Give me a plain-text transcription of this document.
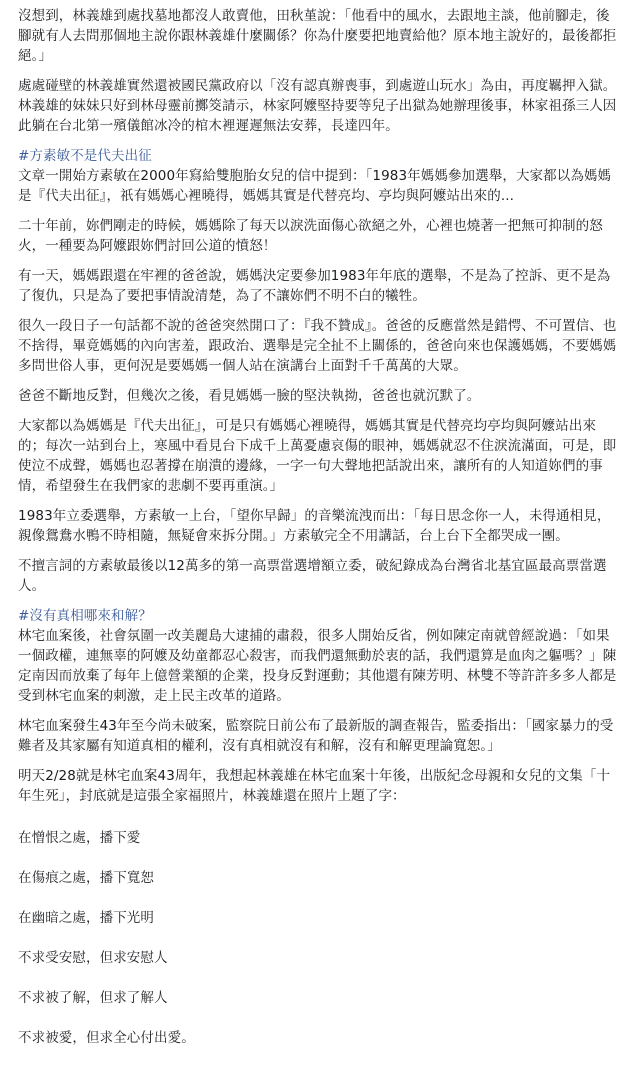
沒想到，林義雄到處找墓地都沒人敢賣他，田秋堇說：「他看中的風水，去跟地主談，他前腳走，後腳就有人去問那個地主說你跟林義雄什麼關係？你為什麼要把地賣給他？原本地主說好的，最後都拒絕。」
處處碰壁的林義雄實然還被國民黨政府以「沒有認真辦喪事，到處遊山玩水」為由，再度羈押入獄。林義雄的妹妹只好到林母靈前擲筊請示，林家阿嬤堅持要等兒子出獄為她辦理後事，林家祖孫三人因此躺在台北第一殯儀館冰冷的棺木裡遲遲無法安葬，長達四年。
#方素敏不是代夫出征
文章一開始方素敏在2000年寫給雙胞胎女兒的信中提到：「1983年媽媽參加選舉，大家都以為媽媽是『代夫出征』，祇有媽媽心裡曉得，媽媽其實是代替亮均、亭均與阿嬤站出來的...
二十年前，妳們剛走的時候，媽媽除了每天以淚洗面傷心欲絕之外，心裡也燒著一把無可抑制的怒火，一種要為阿嬤跟妳們討回公道的憤怒！
有一天，媽媽跟還在牢裡的爸爸說，媽媽決定要參加1983年年底的選舉，不是為了控訴、更不是為了復仇，只是為了要把事情說清楚，為了不讓妳們不明不白的犧牲。
很久一段日子一句話都不說的爸爸突然開口了：『我不贊成』。爸爸的反應當然是錯愕、不可置信、也不捨得，畢竟媽媽的內向害羞，跟政治、選舉是完全扯不上關係的，爸爸向來也保護媽媽，不要媽媽多問世俗人事，更何況是要媽媽一個人站在演講台上面對千千萬萬的大眾。
爸爸不斷地反對，但幾次之後，看見媽媽一臉的堅決執拗，爸爸也就沉默了。
大家都以為媽媽是『代夫出征』，可是只有媽媽心裡曉得，媽媽其實是代替亮均亭均與阿嬤站出來的；每次一站到台上，寒風中看見台下成千上萬憂慮哀傷的眼神，媽媽就忍不住淚流滿面，可是，即使泣不成聲，媽媽也忍著撐在崩潰的邊緣，一字一句大聲地把話說出來，讓所有的人知道妳們的事情，希望發生在我們家的悲劇不要再重演。」
1983年立委選舉，方素敏一上台，「望你早歸」的音樂流洩而出：「每日思念你一人，未得通相見，親像鴛鴦水鴨不時相隨，無疑會來拆分開。」方素敏完全不用講話，台上台下全都哭成一團。
不擅言詞的方素敏最後以12萬多的第一高票當選增額立委，破紀錄成為台灣省北基宜區最高票當選人。
#沒有真相哪來和解？
林宅血案後，社會氛圍一改美麗島大逮捕的肅殺，很多人開始反省，例如陳定南就曾經說過：「如果一個政權，連無辜的阿嬤及幼童都忍心殺害，而我們還無動於衷的話，我們還算是血肉之軀嗎？」陳定南因而放棄了每年上億營業額的企業，投身反對運動；其他還有陳芳明、林雙不等許許多多人都是受到林宅血案的刺激，走上民主改革的道路。
林宅血案發生43年至今尚未破案，監察院日前公布了最新版的調查報告，監委指出：「國家暴力的受難者及其家屬有知道真相的權利，沒有真相就沒有和解，沒有和解更理論寬恕。」
明天2/28就是林宅血案43周年，我想起林義雄在林宅血案十年後，出版紀念母親和女兒的文集「十年生死」，封底就是這張全家福照片，林義雄還在照片上題了字：

在憎恨之處，播下愛

在傷痕之處，播下寬恕

在幽暗之處，播下光明

不求受安慰，但求安慰人

不求被了解，但求了解人

不求被愛，但求全心付出愛。
